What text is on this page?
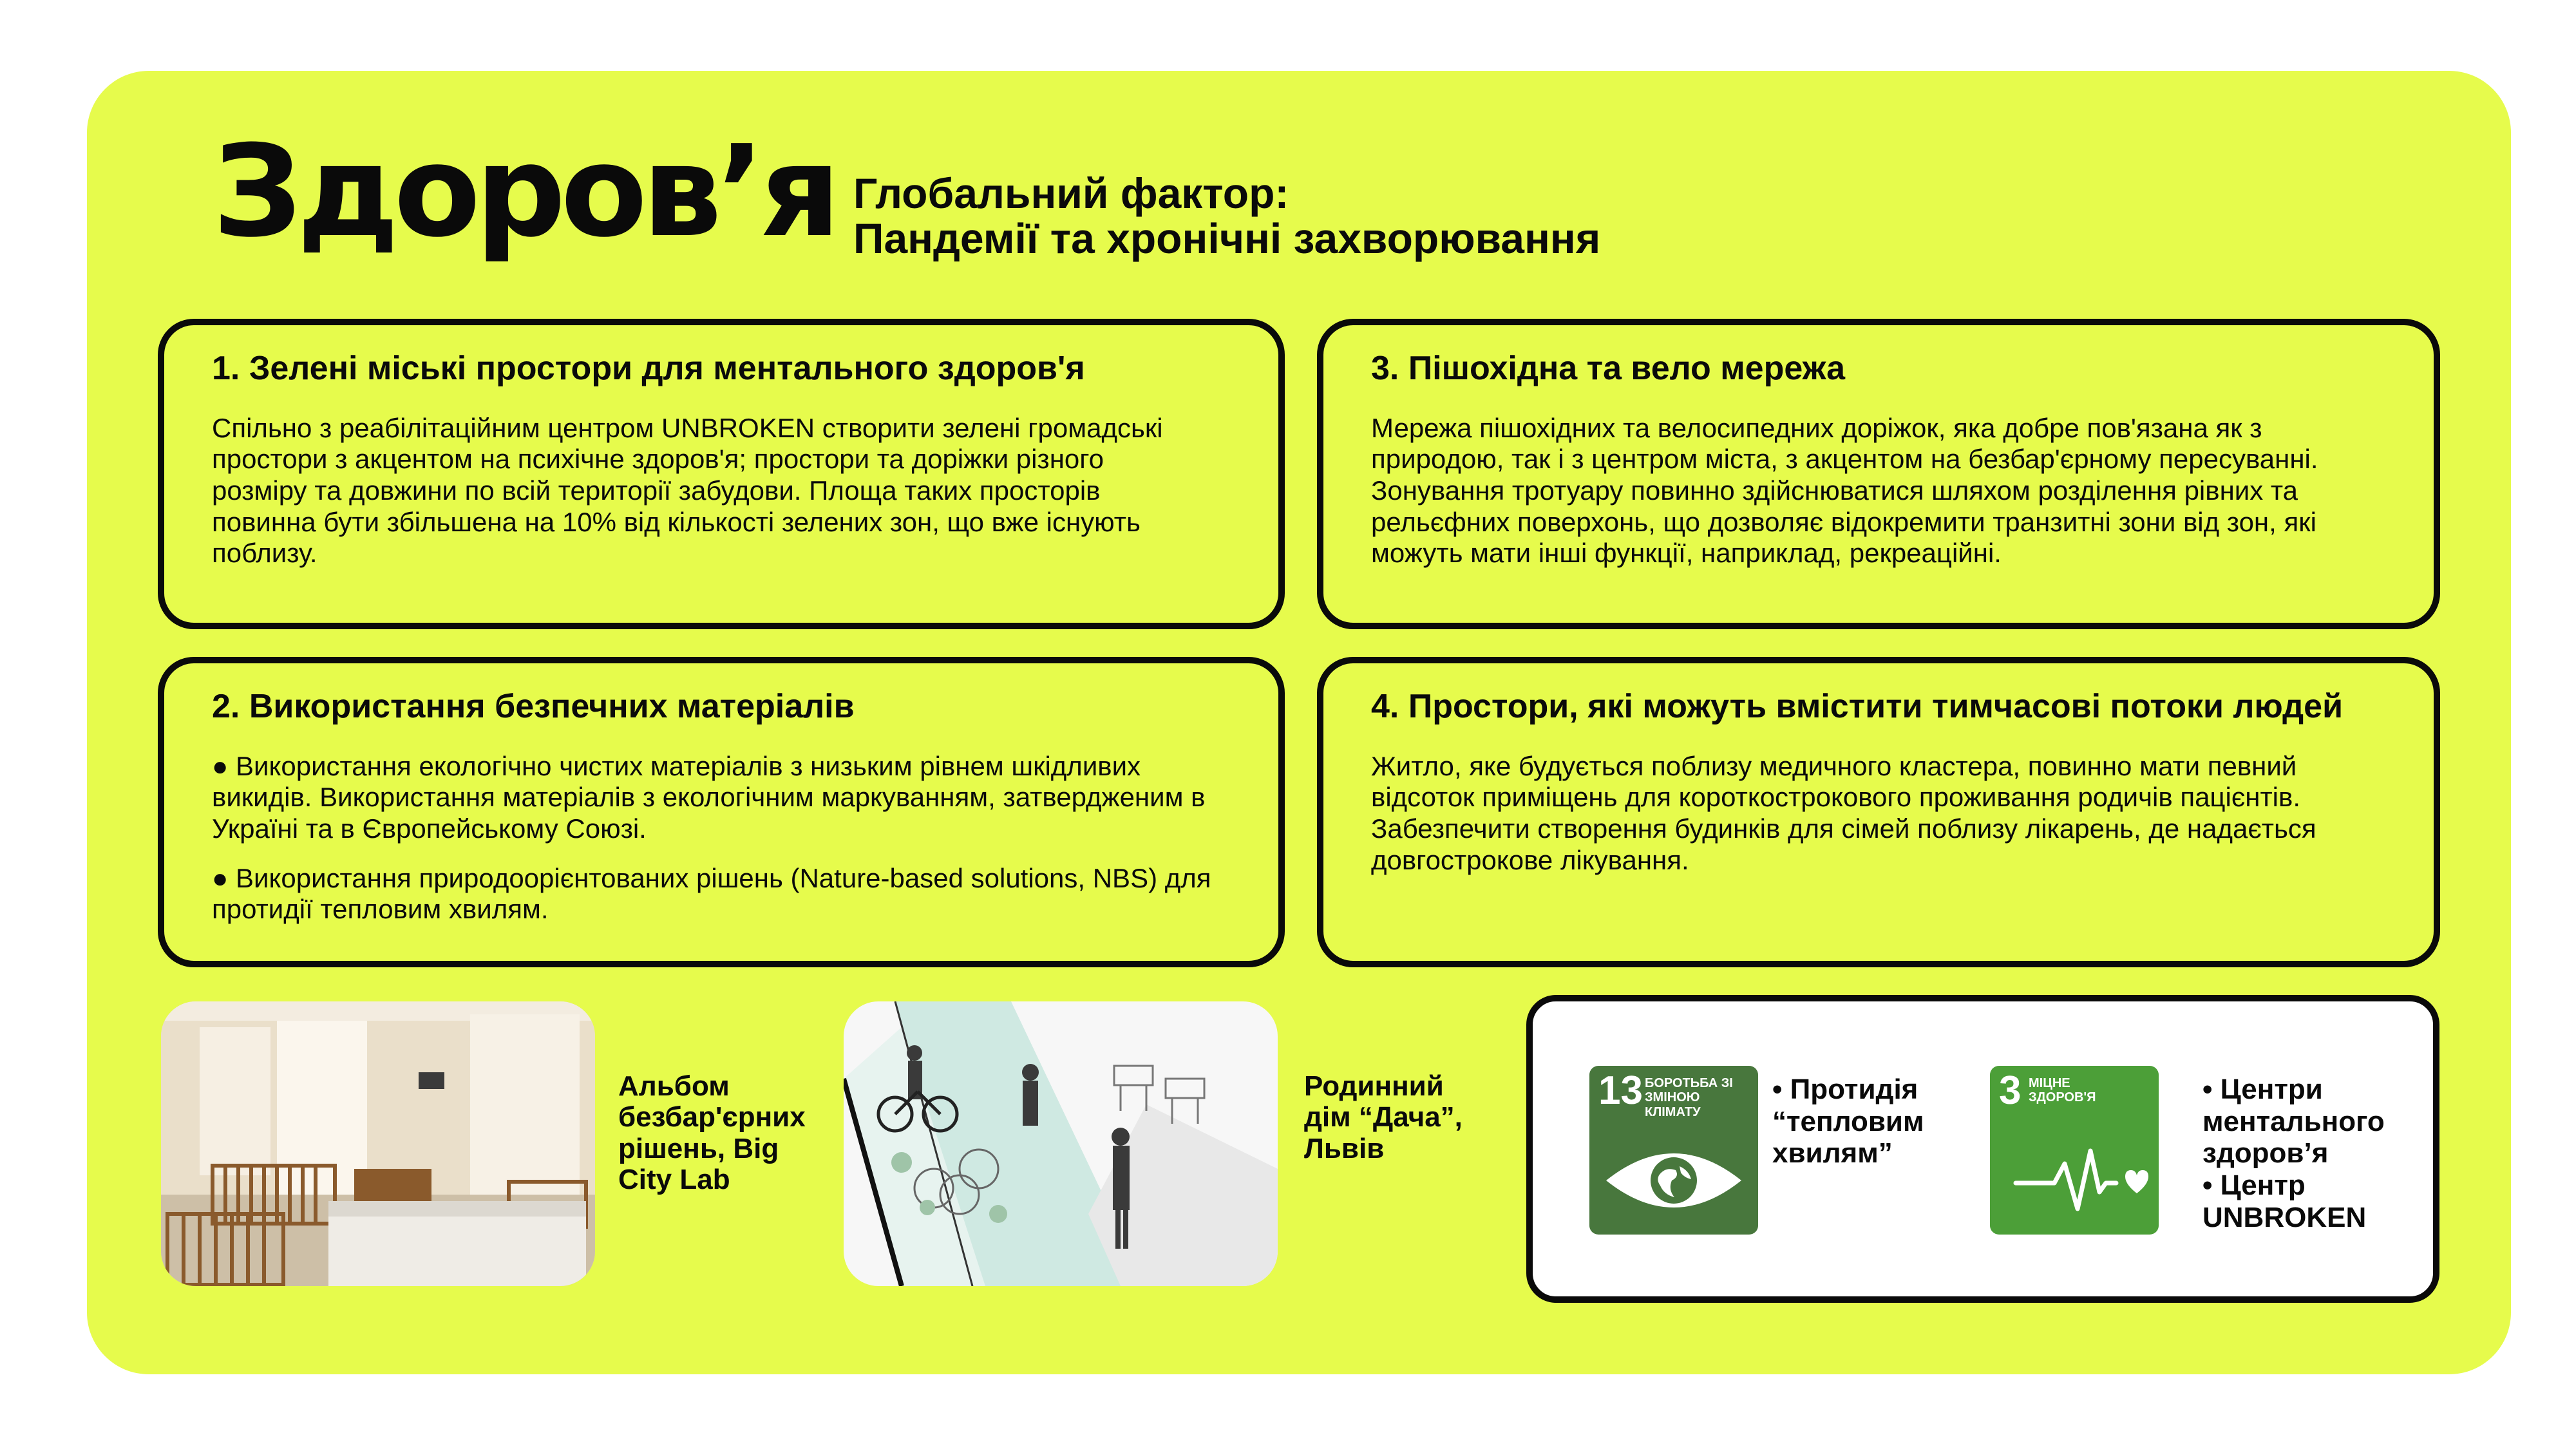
Здоров’я Глобальний фактор:
Пандемії та хронічні захворювання
1. Зелені міські простори для ментального здоров'я

Спільно з реабілітаційним центром UNBROKEN створити зелені громадські простори з акцентом на психічне здоров'я; простори та доріжки різного розміру та довжини по всій території забудови. Площа таких просторів повинна бути збільшена на 10% від кількості зелених зон, що вже існують поблизу.

3. Пішохідна та вело мережа

Мережа пішохідних та велосипедних доріжок, яка добре пов'язана як з природою, так і з центром міста, з акцентом на безбар'єрному пересуванні. Зонування тротуару повинно здійснюватися шляхом розділення рівних та рельєфних поверхонь, що дозволяє відокремити транзитні зони від зон, які можуть мати інші функції, наприклад, рекреаційні.

2. Використання безпечних матеріалів

● Використання екологічно чистих матеріалів з низьким рівнем шкідливих викидів. Використання матеріалів з екологічним маркуванням, затвердженим в Україні та в Європейському Союзі.

● Використання природоорієнтованих рішень (Nature-based solutions, NBS) для протидії тепловим хвилям.

4. Простори, які можуть вмістити тимчасові потоки людей

Житло, яке будується поблизу медичного кластера, повинно мати певний відсоток приміщень для короткострокового проживання родичів пацієнтів. Забезпечити створення будинків для сімей поблизу лікарень, де надається довгострокове лікування.

Альбом безбар'єрних рішень, Big City Lab
Родинний дім “Дача”, Львів
13 БОРОТЬБА ЗІ
ЗМІНОЮ КЛІМАТУ
• Протидія “тепловим хвилям”
3 МІЦНЕ
ЗДОРОВ'Я	• Центри ментального здоров’я
• Центр UNBROKEN
